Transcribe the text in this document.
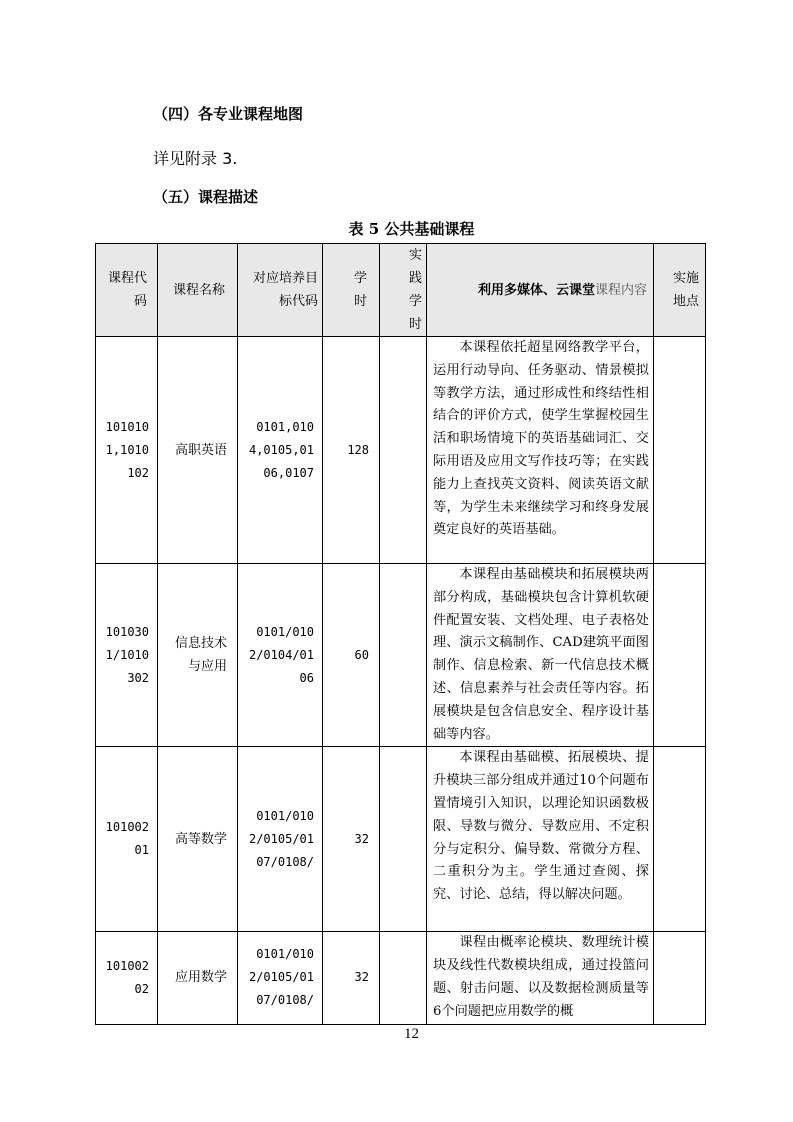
（四）各专业课程地图
详见附录 3.
（五）课程描述
表 5 公共基础课程
课程代码	课程名称	对应培养目标代码	学时	实践学时	利用多媒体、云课堂课程内容	实施地点

1010101,1010102	高职英语	0101,0104,0105,0106,0107	128		本课程依托超星网络教学平台，运用行动导向、任务驱动、情景模拟等教学方法，通过形成性和终结性相结合的评价方式，使学生掌握校园生活和职场情境下的英语基础词汇、交际用语及应用文写作技巧等；在实践能力上查找英文资料、阅读英语文献等，为学生未来继续学习和终身发展奠定良好的英语基础。	
1010301/1010302	信息技术与应用	0101/0102/0104/0106	60		本课程由基础模块和拓展模块两部分构成，基础模块包含计算机软硬件配置安装、文档处理、电子表格处理、演示文稿制作、CAD建筑平面图制作、信息检索、新一代信息技术概述、信息素养与社会责任等内容。拓展模块是包含信息安全、程序设计基础等内容。	
10100201	高等数学	0101/0102/0105/0107/0108/	32		本课程由基础模、拓展模块、提升模块三部分组成并通过10个问题布置情境引入知识，以理论知识函数极限、导数与微分、导数应用、不定积分与定积分、偏导数、常微分方程、二重积分为主。学生通过查阅、探究、讨论、总结，得以解决问题。	
10100202	应用数学	0101/0102/0105/0107/0108/	32		课程由概率论模块、数理统计模块及线性代数模块组成，通过投篮问题、射击问题、以及数据检测质量等6个问题把应用数学的概	
12
